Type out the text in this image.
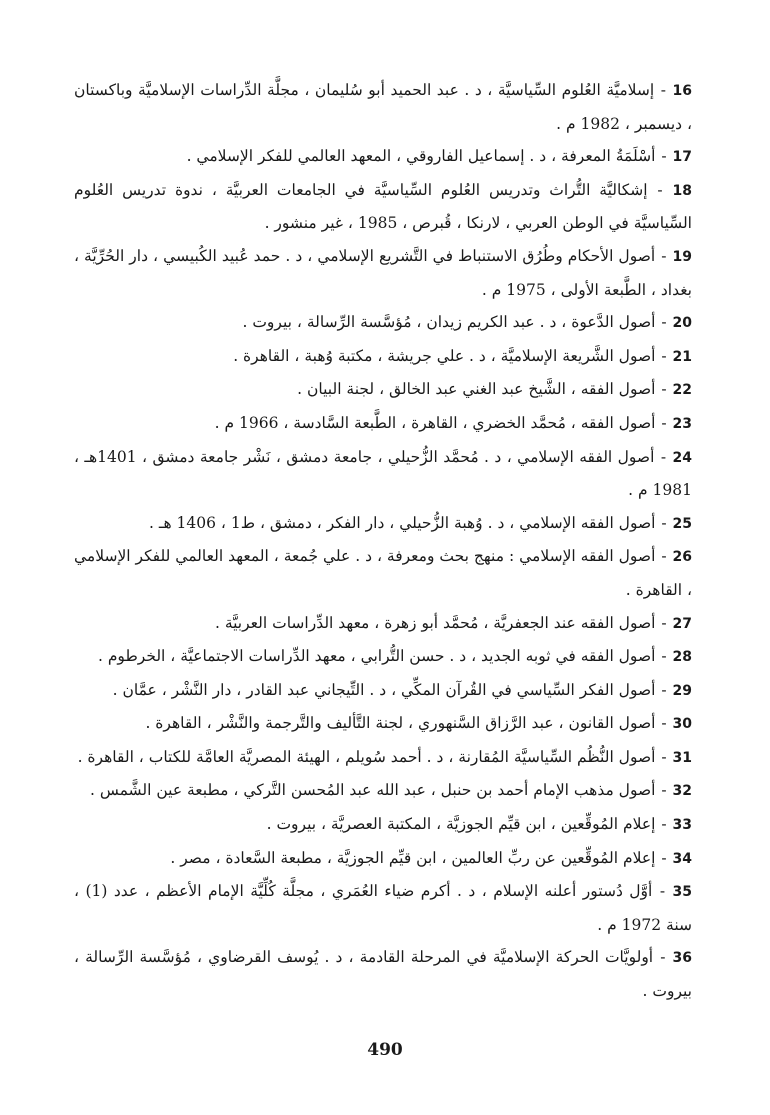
16 - إسلاميَّة العُلوم السِّياسيَّة ، د . عبد الحميد أبو سُليمان ، مجلَّة الدِّراسات الإسلاميَّة وباكستان ، ديسمبر ، 1982 م .

17 - أسْلَمَةُ المعرفة ، د . إسماعيل الفاروقي ، المعهد العالمي للفكر الإسلامي .

18 - إشكاليَّة التُّراث وتدريس العُلوم السِّياسيَّة في الجامعات العربيَّة ، ندوة تدريس العُلوم السِّياسيَّة في الوطن العربي ، لارنكا ، قُبرص ، 1985 ، غير منشور .

19 - أصول الأحكام وطُرُق الاستنباط في التَّشريع الإسلامي ، د . حمد عُبيد الكُبيسي ، دار الحُرِّيَّة ، بغداد ، الطَّبعة الأولى ، 1975 م .

20 - أصول الدَّعوة ، د . عبد الكريم زيدان ، مُؤسَّسة الرِّسالة ، بيروت .

21 - أصول الشَّريعة الإسلاميَّة ، د . علي جريشة ، مكتبة وُهبة ، القاهرة .

22 - أصول الفقه ، الشَّيخ عبد الغني عبد الخالق ، لجنة البيان .

23 - أصول الفقه ، مُحمَّد الخضري ، القاهرة ، الطَّبعة السَّادسة ، 1966 م .

24 - أصول الفقه الإسلامي ، د . مُحمَّد الزُّحيلي ، جامعة دمشق ، نَشْر جامعة دمشق ، 1401هـ ، 1981 م .

25 - أصول الفقه الإسلامي ، د . وُهبة الزُّحيلي ، دار الفكر ، دمشق ، ط1 ، 1406 هـ .

26 - أصول الفقه الإسلامي : منهج بحث ومعرفة ، د . علي جُمعة ، المعهد العالمي للفكر الإسلامي ، القاهرة .

27 - أصول الفقه عند الجعفريَّة ، مُحمَّد أبو زهرة ، معهد الدِّراسات العربيَّة .

28 - أصول الفقه في ثوبه الجديد ، د . حسن التُّرابي ، معهد الدِّراسات الاجتماعيَّة ، الخرطوم .

29 - أصول الفكر السِّياسي في القُرآن المكِّي ، د . التِّيجاني عبد القادر ، دار النَّشْر ، عمَّان .

30 - أصول القانون ، عبد الرَّزاق السَّنهوري ، لجنة التَّأليف والتَّرجمة والنَّشْر ، القاهرة .

31 - أصول النُّظُم السِّياسيَّة المُقارنة ، د . أحمد سُويلم ، الهيئة المصريَّة العامَّة للكتاب ، القاهرة .

32 - أصول مذهب الإمام أحمد بن حنبل ، عبد الله عبد المُحسن التَّركي ، مطبعة عين الشَّمس .

33 - إعلام المُوقِّعين ، ابن قيِّم الجوزيَّة ، المكتبة العصريَّة ، بيروت .

34 - إعلام المُوقِّعين عن ربِّ العالمين ، ابن قيِّم الجوزيَّة ، مطبعة السَّعادة ، مصر .

35 - أوَّل دُستور أعلنه الإسلام ، د . أكرم ضياء العُمَري ، مجلَّة كُلِّيَّة الإمام الأعظم ، عدد (1) ، سنة 1972 م .

36 - أولويَّات الحركة الإسلاميَّة في المرحلة القادمة ، د . يُوسف القرضاوي ، مُؤسَّسة الرِّسالة ، بيروت .

490
